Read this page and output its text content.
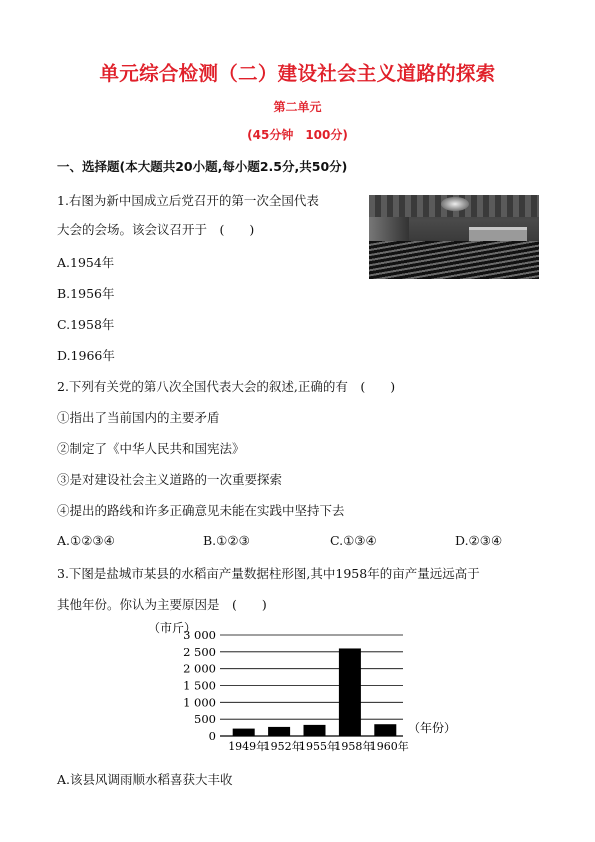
单元综合检测（二）建设社会主义道路的探索
第二单元
(45分钟　100分)
一、选择题(本大题共20小题,每小题2.5分,共50分)
1.右图为新中国成立后党召开的第一次全国代表
大会的会场。该会议召开于　(　　)
A.1954年
B.1956年
C.1958年
D.1966年
2.下列有关党的第八次全国代表大会的叙述,正确的有　(　　)
①指出了当前国内的主要矛盾
②制定了《中华人民共和国宪法》
③是对建设社会主义道路的一次重要探索
④提出的路线和许多正确意见未能在实践中坚持下去
A.①②③④	B.①②③	C.①③④	D.②③④
3.下图是盐城市某县的水稻亩产量数据柱形图,其中1958年的亩产量远远高于
其他年份。你认为主要原因是　(　　)
（市斤）
（年份）
0
500
1 000
1 500
2 000
2 500
3 000
1949年
1952年
1955年
1958年
1960年
A.该县风调雨顺水稻喜获大丰收
